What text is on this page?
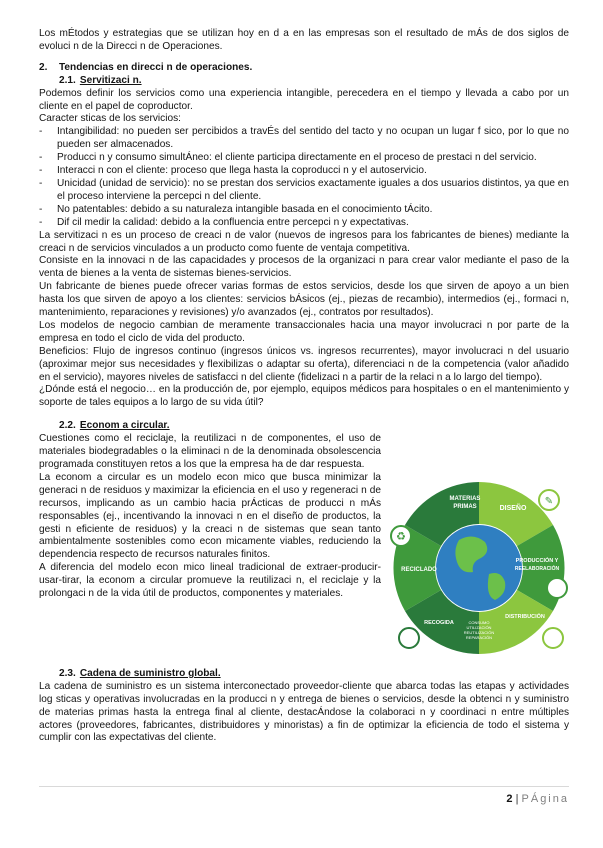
Los mÉtodos y estrategias que se utilizan hoy en d a en las empresas son el resultado de mÁs de dos siglos de evoluci n de la Direcci n de Operaciones.

2. Tendencias en direcci n de operaciones.
2.1. Servitizaci n.

Podemos definir los servicios como una experiencia intangible, perecedera en el tiempo y llevada a cabo por un cliente en el papel de coproductor.

Caracter sticas de los servicios:

- Intangibilidad: no pueden ser percibidos a travÉs del sentido del tacto y no ocupan un lugar f sico, por lo que no pueden ser almacenados.
- Producci n y consumo simultÁneo: el cliente participa directamente en el proceso de prestaci n del servicio.
- Interacci n con el cliente: proceso que llega hasta la coproducci n y el autoservicio.
- Unicidad (unidad de servicio): no se prestan dos servicios exactamente iguales a dos usuarios distintos, ya que en el proceso interviene la percepci n del cliente.
- No patentables: debido a su naturaleza intangible basada en el conocimiento tÁcito.
- Dif cil medir la calidad: debido a la confluencia entre percepci n y expectativas.

La servitizaci n es un proceso de creaci n de valor (nuevos de ingresos para los fabricantes de bienes) mediante la creaci n de servicios vinculados a un producto como fuente de ventaja competitiva.

Consiste en la innovaci n de las capacidades y procesos de la organizaci n para crear valor mediante el paso de la venta de bienes a la venta de sistemas bienes-servicios.

Un fabricante de bienes puede ofrecer varias formas de estos servicios, desde los que sirven de apoyo a un bien hasta los que sirven de apoyo a los clientes: servicios bÁsicos (ej., piezas de recambio), intermedios (ej., formaci n, mantenimiento, reparaciones y revisiones) y/o avanzados (ej., contratos por resultados).

Los modelos de negocio cambian de meramente transaccionales hacia una mayor involucraci n por parte de la empresa en todo el ciclo de vida del producto.

Beneficios: Flujo de ingresos continuo (ingresos únicos vs. ingresos recurrentes), mayor involucraci n del usuario (aproximar mejor sus necesidades y flexibilizas o adaptar su oferta), diferenciaci n de la competencia (valor añadido en el servicio), mayores niveles de satisfacci n del cliente (fidelizaci n a partir de la relaci n a lo largo del tiempo).

¿Dónde está el negocio… en la producción de, por ejemplo, equipos médicos para hospitales o en el mantenimiento y soporte de tales equipos a lo largo de su vida útil?

2.2. Econom a circular.

Cuestiones como el reciclaje, la reutilizaci n de componentes, el uso de materiales biodegradables o la eliminaci n de la denominada obsolescencia programada constituyen retos a los que la empresa ha de dar respuesta.

La econom a circular es un modelo econ mico que busca minimizar la generaci n de residuos y maximizar la eficiencia en el uso y regeneraci n de recursos, implicando as un cambio hacia prÁcticas de producci n mÁs responsables (ej., incentivando la innovaci n en el diseño de productos, la gesti n eficiente de residuos) y la creaci n de sistemas que sean tanto ambientalmente sostenibles como econ micamente viables, reduciendo la dependencia respecto de recursos naturales finitos.

A diferencia del modelo econ mico lineal tradicional de extraer-producir-usar-tirar, la econom a circular promueve la reutilizaci n, el reciclaje y la prolongaci n de la vida útil de productos, componentes y materiales.

MATERIAS
PRIMAS	DISEÑO
PRODUCCIÓN Y
REELABORACIÓN
DISTRIBUCIÓN
RECOGIDA
RECICLADO
CONSUMO
UTILIZACIÓN
REUTILIZACIÓN
REPARACIÓN
♻
✎
2.3. Cadena de suministro global.

La cadena de suministro es un sistema interconectado proveedor-cliente que abarca todas las etapas y actividades log sticas y operativas involucradas en la producci n y entrega de bienes o servicios, desde la obtenci n y suministro de materias primas hasta la entrega final al cliente, destacÁndose la colaboraci n y coordinaci n entre múltiples actores (proveedores, fabricantes, distribuidores y minoristas) a fin de optimizar la eficiencia de todo el sistema y cumplir con las expectativas del cliente.

2 | PÁgina
